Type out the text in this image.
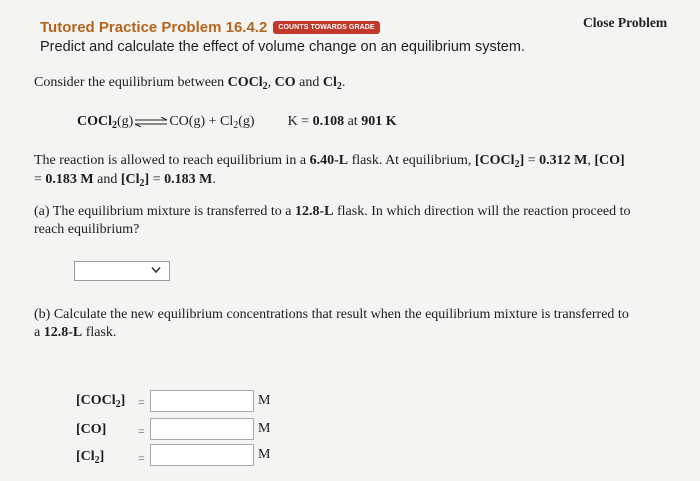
Tutored Practice Problem 16.4.2	COUNTS TOWARDS GRADE
Predict and calculate the effect of volume change on an equilibrium system.
Close Problem
Consider the equilibrium between COCl$_2$, CO and $Cl_2$.
COCl$_2$(g)⇌CO(g) + $Cl_2(g) K = 0.108$ at 901 K
The reaction is allowed to reach equilibrium in a 6.40-L flask. At equilibrium, [COCl$_2$] = 0.312 M, [CO]
= 0.183 M and $[Cl_2] = 0.183$ M.
(a) The equilibrium mixture is transferred to a 12.8-L flask. In which direction will the reaction proceed to
reach equilibrium?
(b) Calculate the new equilibrium concentrations that result when the equilibrium mixture is transferred to
a 12.8-L flask.
[COCl$_2$] =	M
[CO]	=	M
$[Cl_2]$	=	M
